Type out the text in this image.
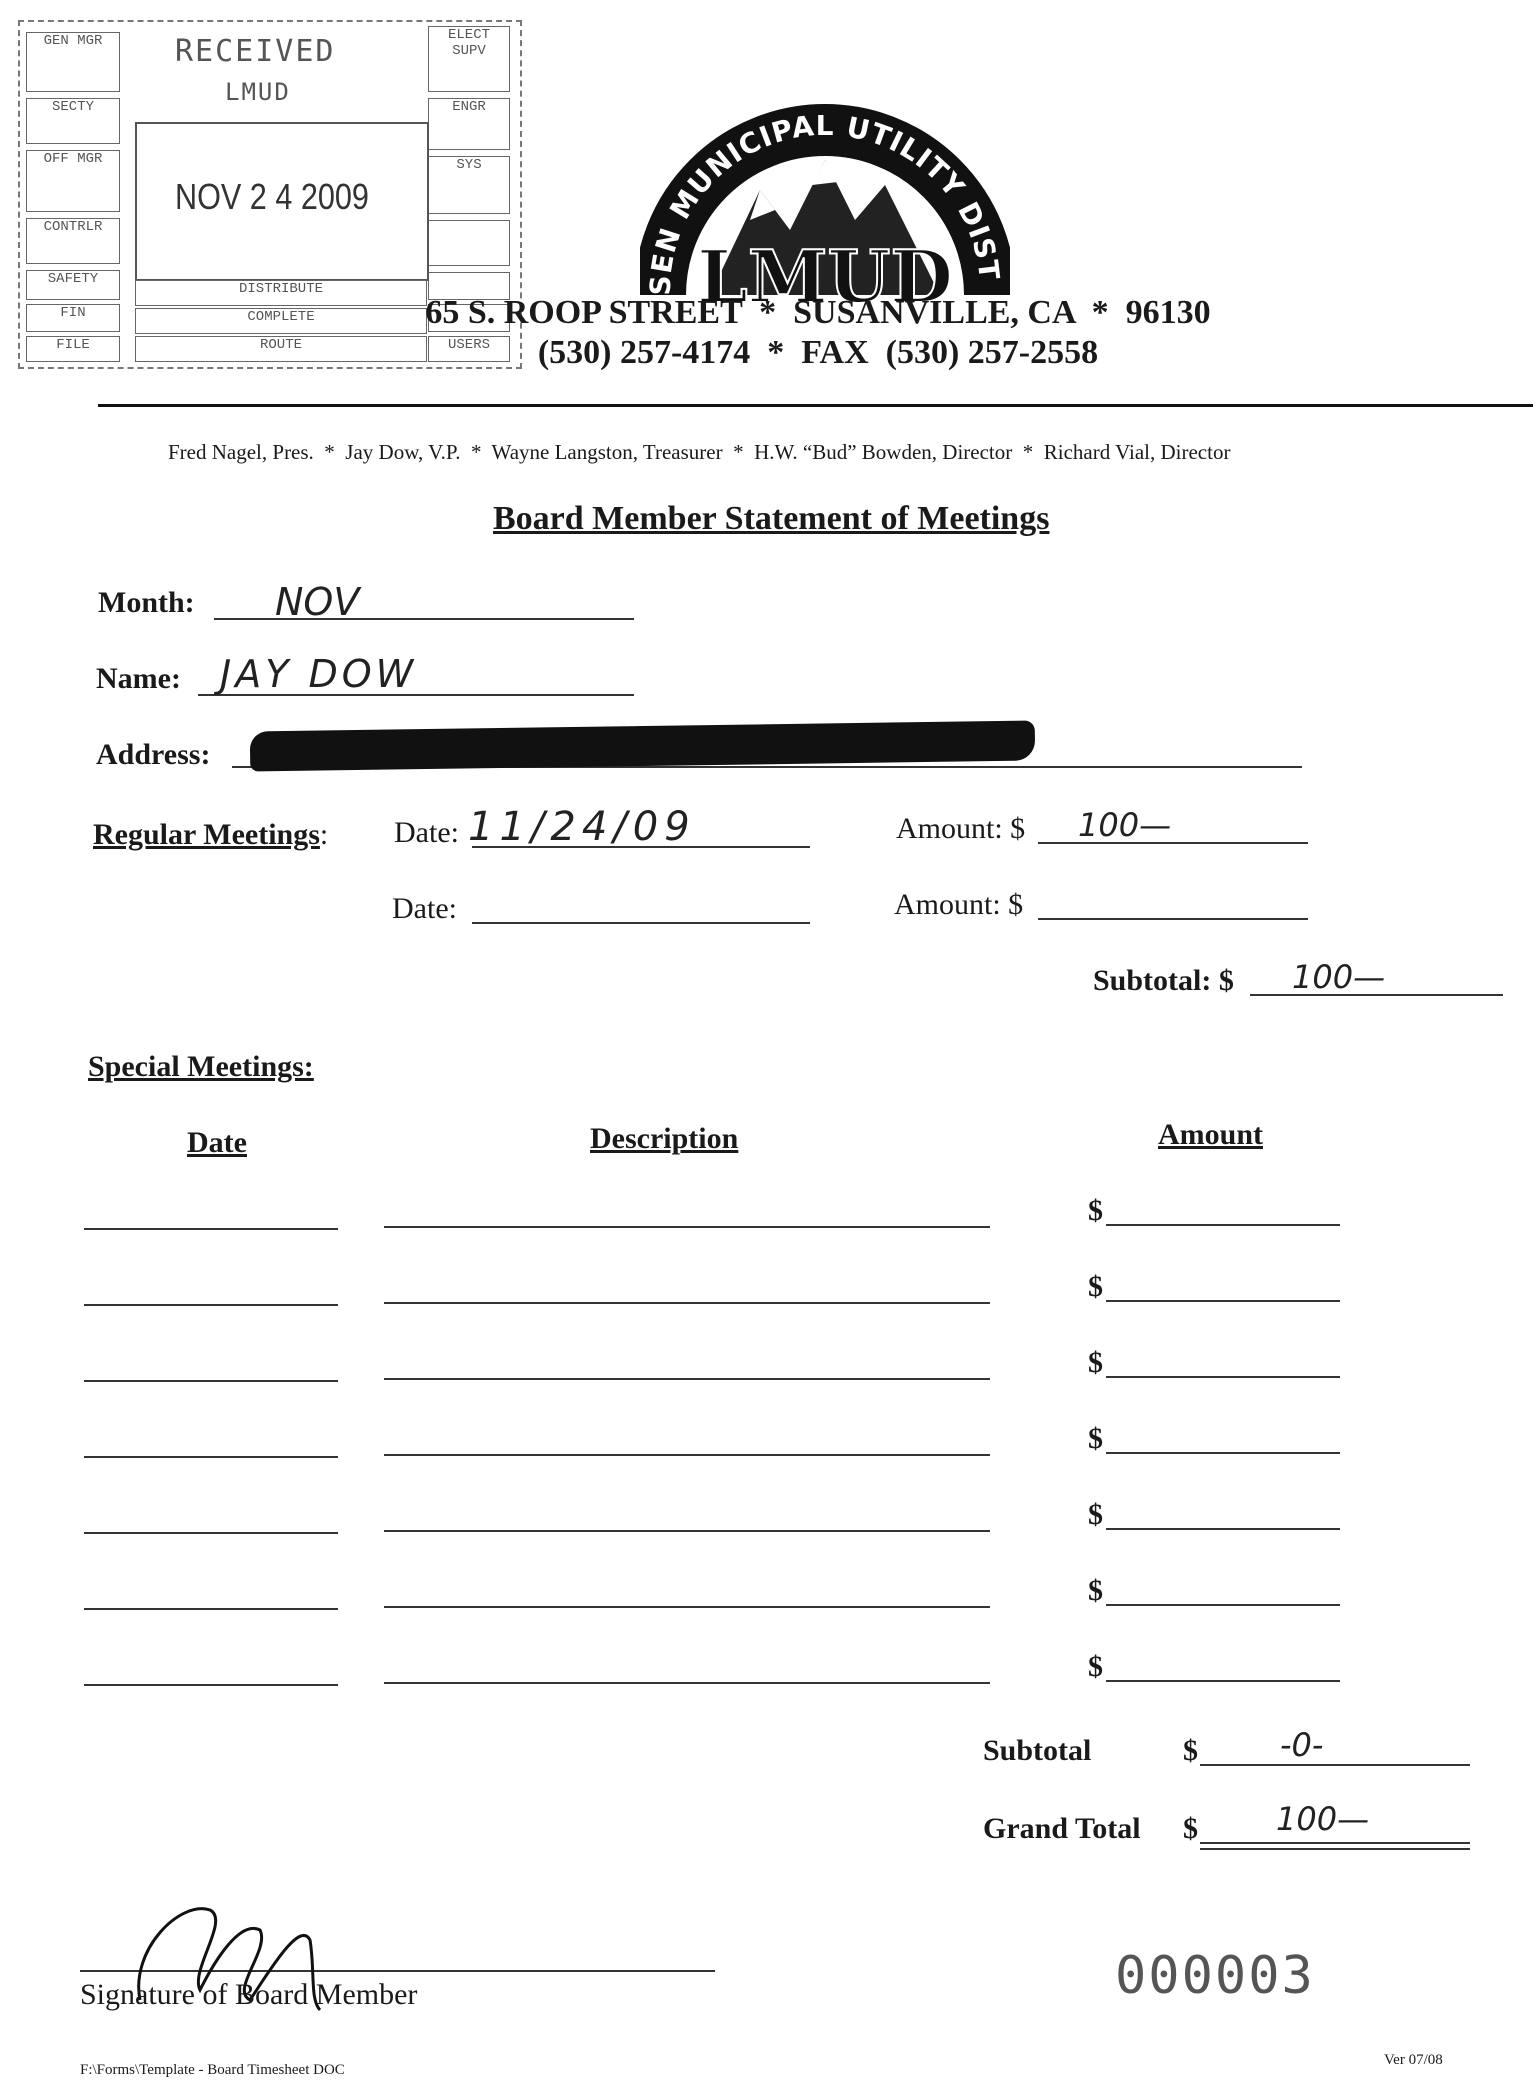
GEN MGR
SECTY
OFF MGR
CONTRLR
SAFETY
FIN
FILE
ELECT SUPV
ENGR
SYS
USERS
RECEIVED
LMUD
NOV 2 4 2009
DISTRIBUTE
COMPLETE
ROUTE
SEN MUNICIPAL UTILITY DIST
LMUD
65 S. ROOP STREET  *  SUSANVILLE, CA  *  96130
(530) 257-4174  *  FAX  (530) 257-2558
Fred Nagel, Pres.  *  Jay Dow, V.P.  *  Wayne Langston, Treasurer  *  H.W. “Bud” Bowden, Director  *  Richard Vial, Director
Board Member Statement of Meetings
Month: NOV
Name: JAY DOW
Address:
Regular Meetings: Date: 11/24/09	Amount: $ 100—
Date:	Amount: $
Subtotal: $ 100—
Special Meetings:
Date	Description	Amount
$
$
$
$
$
$
$
Subtotal	$	-0-
Grand Total $ 100—
Signature of Board Member	000003
F:\Forms\Template - Board Timesheet DOC
Ver 07/08
